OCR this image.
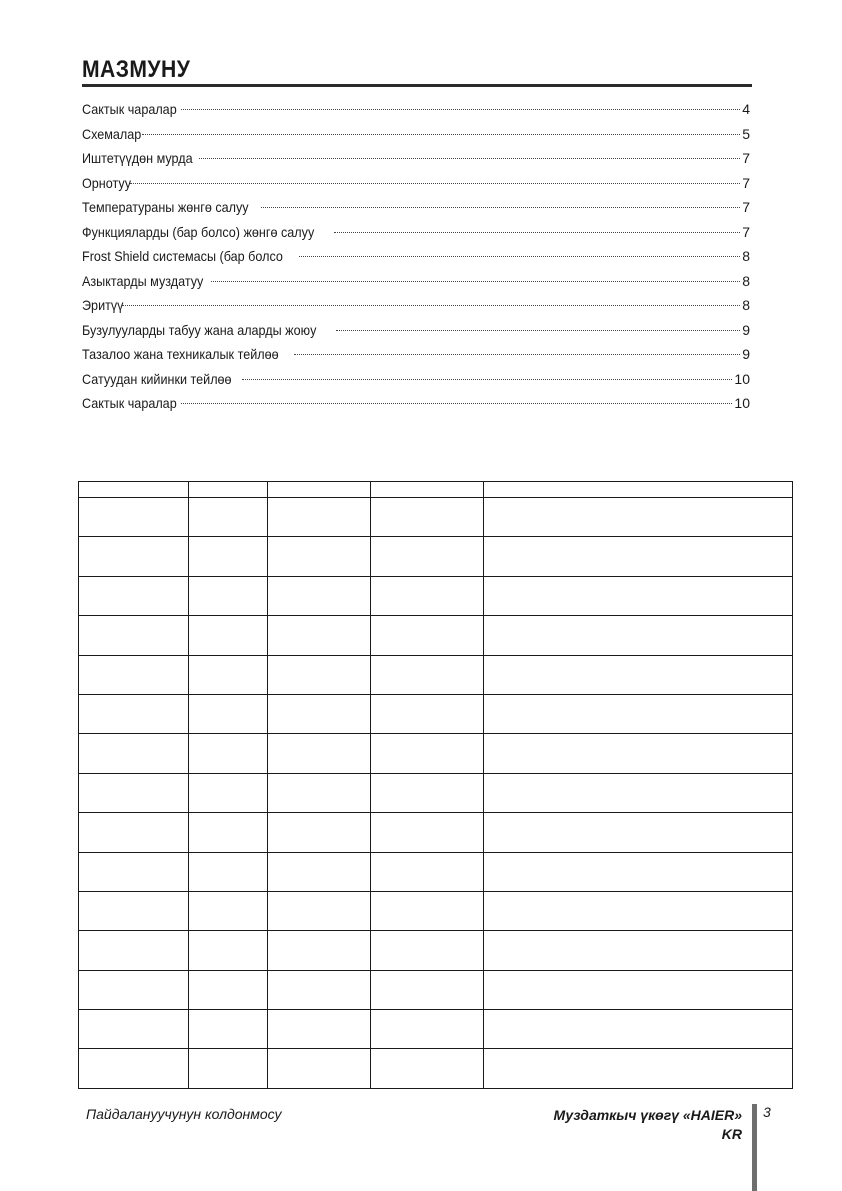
МАЗМУНУ
Сактык чаралар	4
Схемалар	5
Иштетүүдөн мурда	7
Орнотуу	7
Температураны жөнгө салуу	7
Функцияларды (бар болсо) жөнгө салуу	7
Frost Shield системасы (бар болсо	8
Азыктарды муздатуу	8
Эритүү	8
Бузулууларды табуу жана аларды жоюу	9
Тазалоо жана техникалык тейлөө	9
Сатуудан кийинки тейлөө	10
Сактык чаралар	10

Пайдалануучунун колдонмосу	Муздаткыч үкөгү «HAIER»
KR
3
